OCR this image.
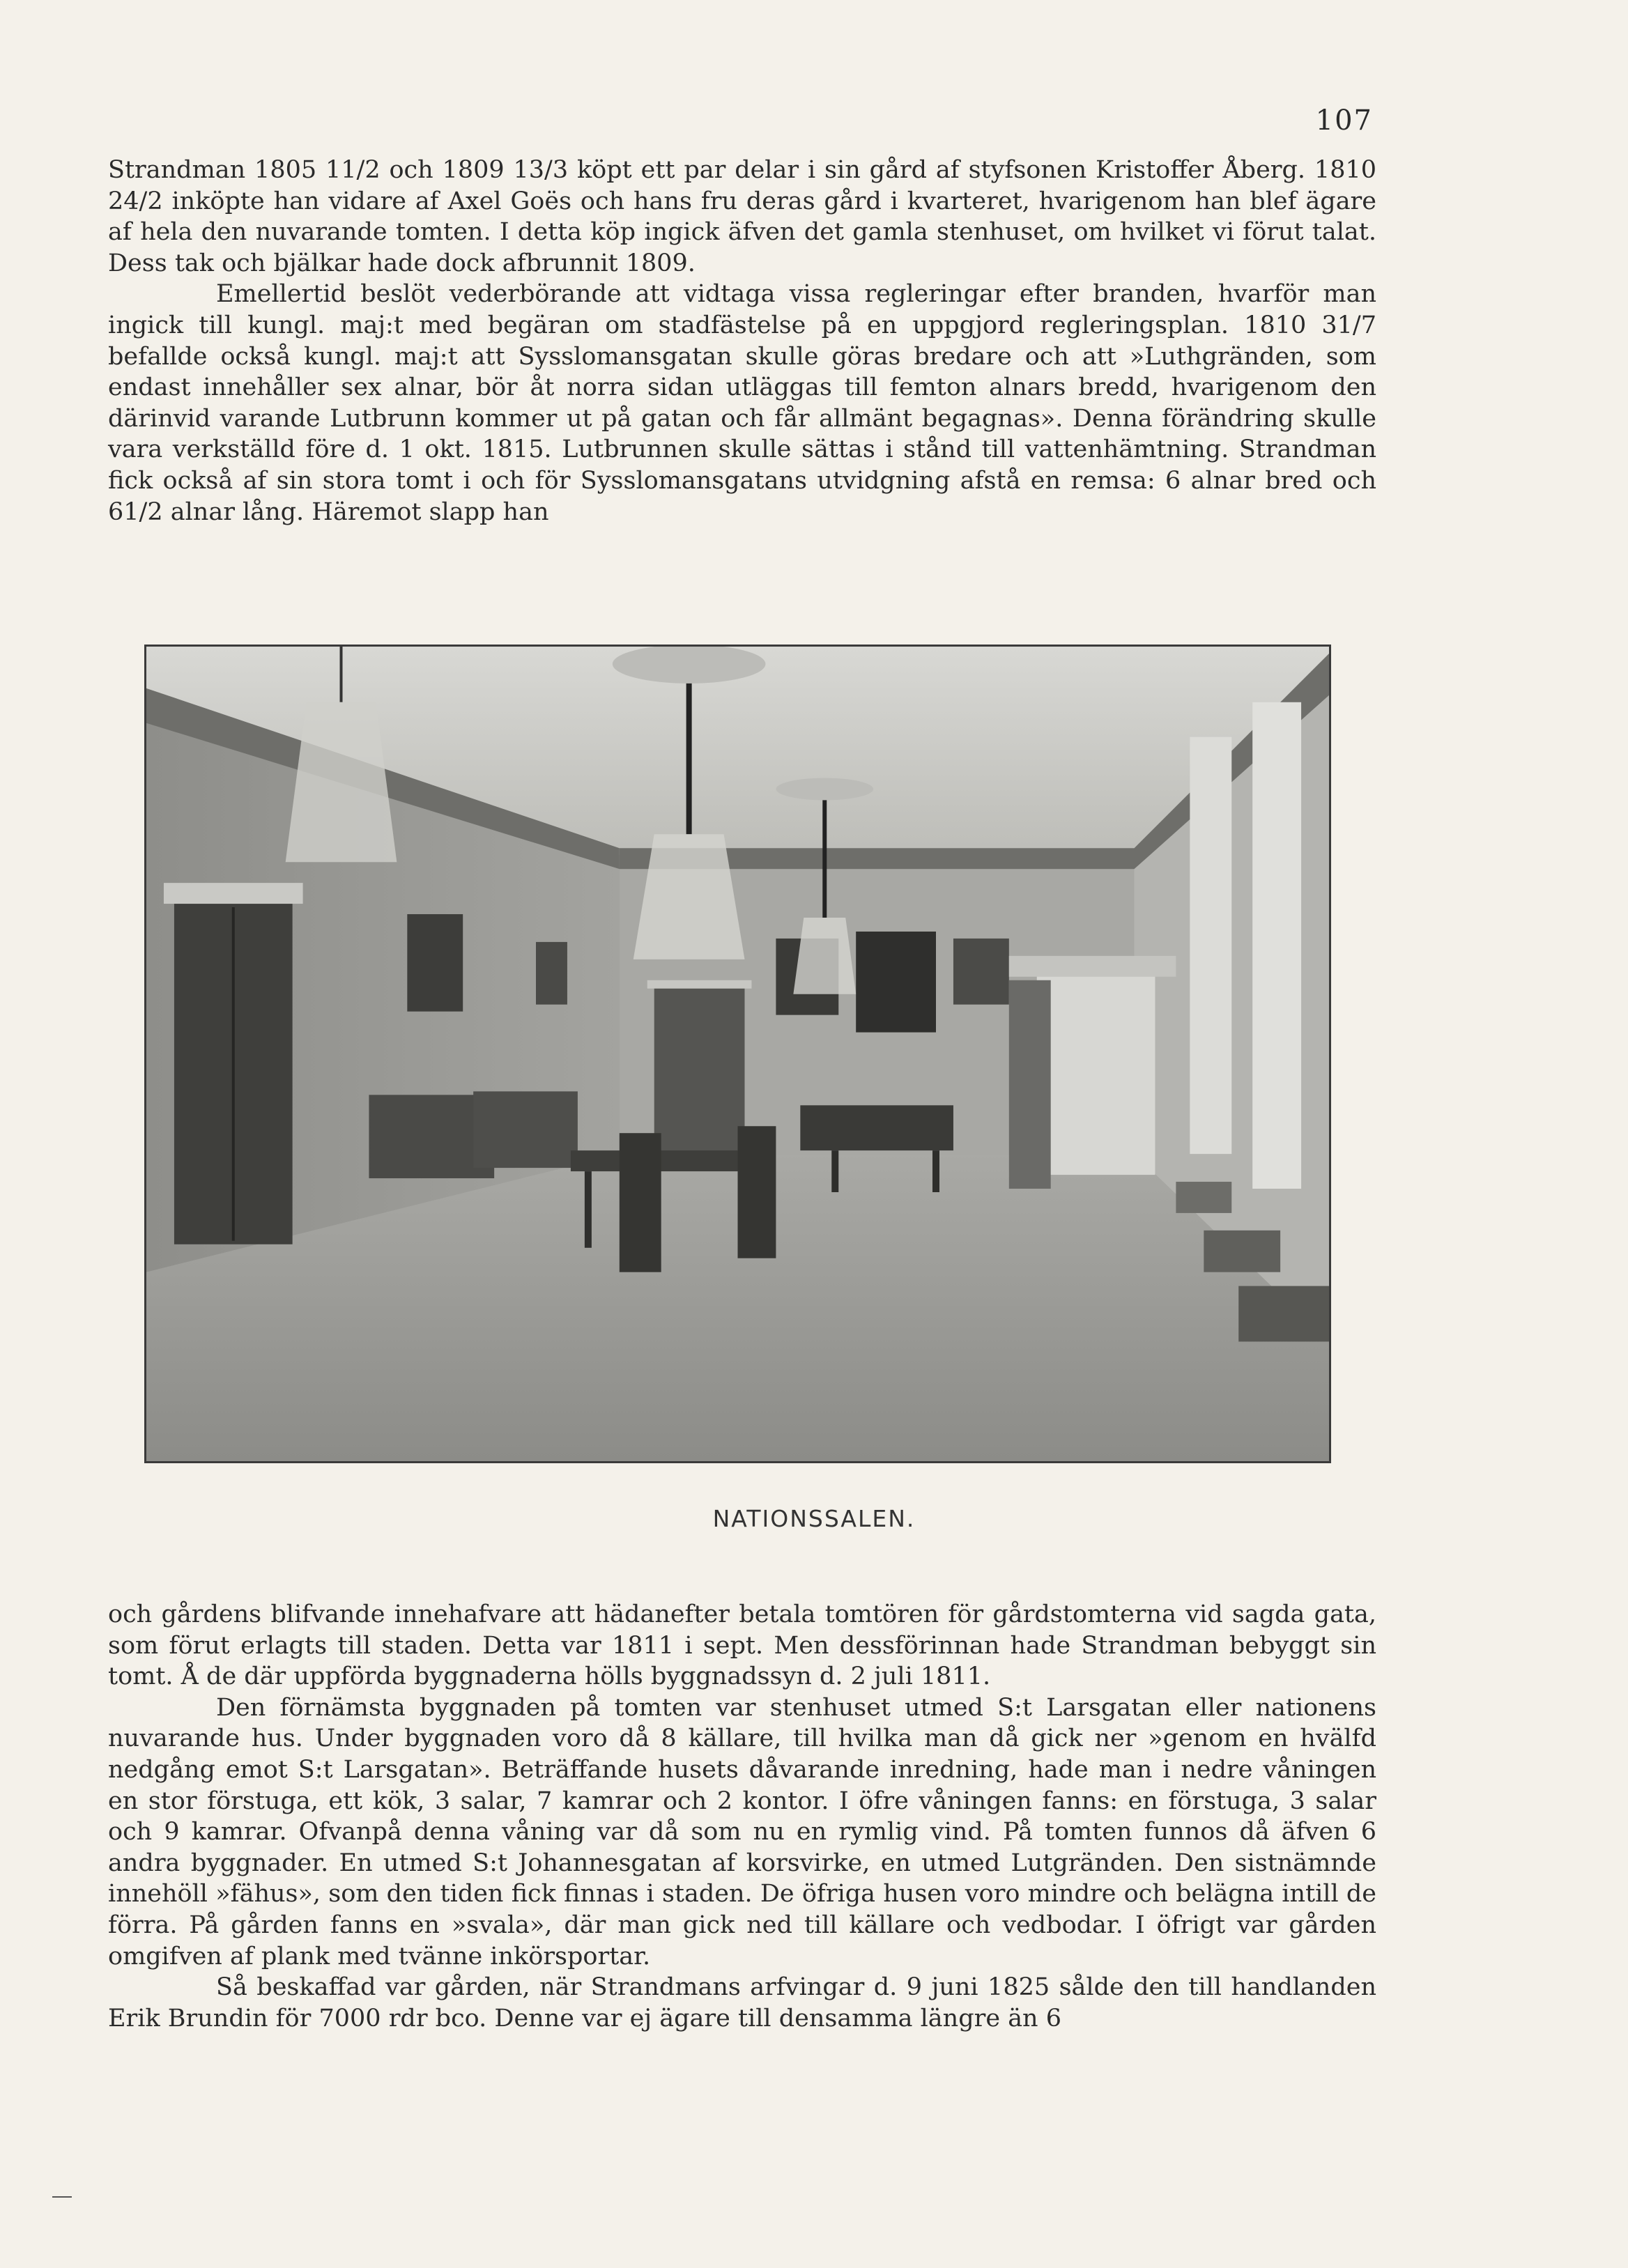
107

Strandman 1805 11/2 och 1809 13/3 köpt ett par delar i sin gård af styfsonen Kristoffer Åberg. 1810 24/2 inköpte han vidare af Axel Goës och hans fru deras gård i kvarteret, hvarigenom han blef ägare af hela den nuvarande tomten. I detta köp ingick äfven det gamla stenhuset, om hvilket vi förut talat. Dess tak och bjälkar hade dock afbrunnit 1809.

Emellertid beslöt vederbörande att vidtaga vissa regleringar efter branden, hvarför man ingick till kungl. maj:t med begäran om stadfästelse på en uppgjord regleringsplan. 1810 31/7 befallde också kungl. maj:t att Sysslomansgatan skulle göras bredare och att »Luthgränden, som endast innehåller sex alnar, bör åt norra sidan utläggas till femton alnars bredd, hvarigenom den därinvid varande Lutbrunn kommer ut på gatan och får allmänt begagnas». Denna förändring skulle vara verkställd före d. 1 okt. 1815. Lutbrunnen skulle sättas i stånd till vattenhämtning. Strandman fick också af sin stora tomt i och för Sysslomansgatans utvidgning afstå en remsa: 6 alnar bred och 61/2 alnar lång. Häremot slapp han

NATIONSSALEN.

och gårdens blifvande innehafvare att hädanefter betala tomtören för gårdstomterna vid sagda gata, som förut erlagts till staden. Detta var 1811 i sept. Men dessförinnan hade Strandman bebyggt sin tomt. Å de där uppförda byggnaderna hölls byggnadssyn d. 2 juli 1811.

Den förnämsta byggnaden på tomten var stenhuset utmed S:t Larsgatan eller nationens nuvarande hus. Under byggnaden voro då 8 källare, till hvilka man då gick ner »genom en hvälfd nedgång emot S:t Larsgatan». Beträffande husets dåvarande inredning, hade man i nedre våningen en stor förstuga, ett kök, 3 salar, 7 kamrar och 2 kontor. I öfre våningen fanns: en förstuga, 3 salar och 9 kamrar. Ofvanpå denna våning var då som nu en rymlig vind. På tomten funnos då äfven 6 andra byggnader. En utmed S:t Johannesgatan af korsvirke, en utmed Lutgränden. Den sistnämnde innehöll »fähus», som den tiden fick finnas i staden. De öfriga husen voro mindre och belägna intill de förra. På gården fanns en »svala», där man gick ned till källare och vedbodar. I öfrigt var gården omgifven af plank med tvänne inkörsportar.

Så beskaffad var gården, när Strandmans arfvingar d. 9 juni 1825 sålde den till handlanden Erik Brundin för 7000 rdr bco. Denne var ej ägare till densamma längre än 6
